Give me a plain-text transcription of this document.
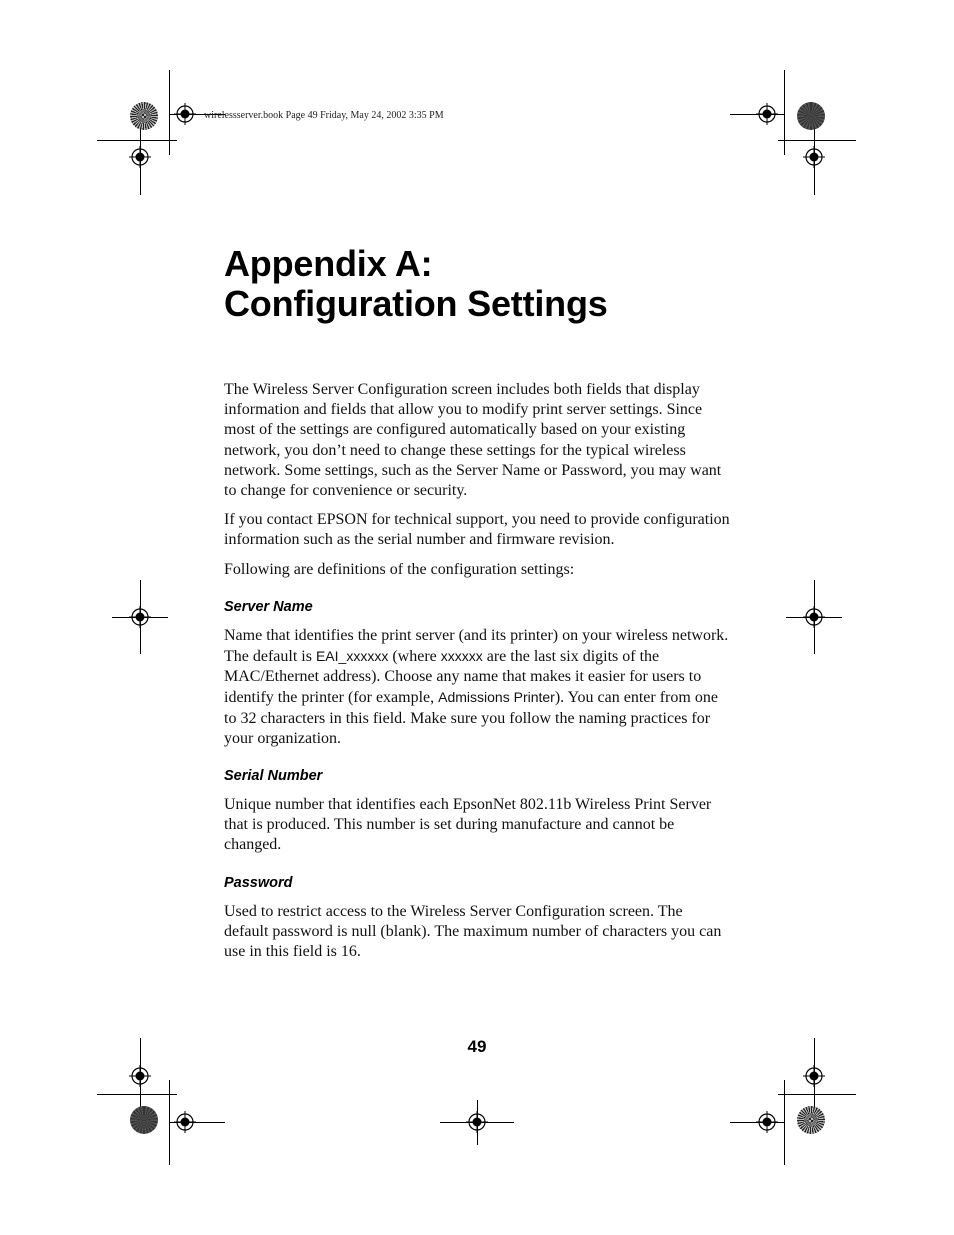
wirelessserver.book Page 49 Friday, May 24, 2002 3:35 PM
Appendix A:
Configuration Settings

The Wireless Server Configuration screen includes both fields that display information and fields that allow you to modify print server settings. Since most of the settings are configured automatically based on your existing network, you don’t need to change these settings for the typical wireless network. Some settings, such as the Server Name or Password, you may want to change for convenience or security.

If you contact EPSON for technical support, you need to provide configuration information such as the serial number and firmware revision.

Following are definitions of the configuration settings:

Server Name

Name that identifies the print server (and its printer) on your wireless network. The default is EAI_xxxxxx (where xxxxxx are the last six digits of the MAC/Ethernet address). Choose any name that makes it easier for users to identify the printer (for example, Admissions Printer). You can enter from one to 32 characters in this field. Make sure you follow the naming practices for your organization.

Serial Number

Unique number that identifies each EpsonNet 802.11b Wireless Print Server that is produced. This number is set during manufacture and cannot be changed.

Password

Used to restrict access to the Wireless Server Configuration screen. The default password is null (blank). The maximum number of characters you can use in this field is 16.

49
